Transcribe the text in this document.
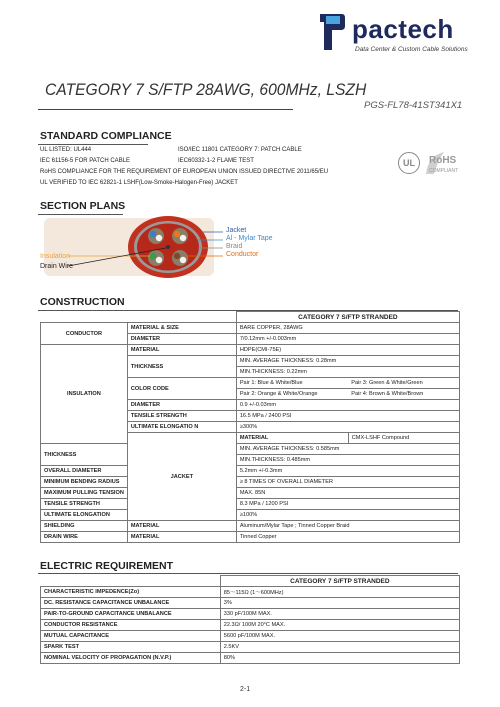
pactech
Data Center & Custom Cable Solutions
CATEGORY 7 S/FTP 28AWG, 600MHz, LSZH
PGS-FL78-41ST341X1
STANDARD COMPLIANCE
UL LISTED: UL444	ISO/IEC 11801 CATEGORY 7: PATCH CABLE
IEC 61156-5 FOR PATCH CABLE	IEC60332-1-2 FLAME TEST
RoHS COMPLIANCE FOR THE REQUIREMENT OF EUROPEAN UNION ISSUED DIRECTIVE 2011/65/EU
UL VERIFIED TO IEC 62821-1 LSHF(Low-Smoke-Halogen-Free) JACKET
UL	RoHS
COMPLIANT
SECTION PLANS
Jacket
Al - Mylar Tape
Braid
Conductor
Insulation
Drain Wire
CONSTRUCTION
		CATEGORY 7 S/FTP STRANDED	
CONDUCTOR	MATERIAL & SIZE	BARE COPPER, 28AWG	
	DIAMETER	7/0.12mm +/-0.003mm	
INSULATION	MATERIAL	HDPE(CMI-75E)	
	THICKNESS	MIN. AVERAGE THICKNESS: 0.28mm	
		MIN.THICKNESS: 0.22mm	
	COLOR CODE	Pair 1: Blue & White/Blue	Pair 3: Green & White/Green
		Pair 2: Orange & White/Orange	Pair 4: Brown & White/Brown
	DIAMETER	0.9 +/-0.03mm	
	TENSILE STRENGTH	16.5 MPa / 2400 PSI	
	ULTIMATE ELONGATIO N	≥300%	
	JACKET	MATERIAL	CMX-LSHF Compound
THICKNESS		MIN. AVERAGE THICKNESS: 0.585mm	
		MIN.THICKNESS: 0.485mm	
OVERALL DIAMETER		5.2mm +/-0.3mm	
MINIMUM BENDING RADIUS		≥ 8 TIMES OF OVERALL DIAMETER	
MAXIMUM PULLING TENSION		MAX. 85N	
TENSILE STRENGTH		8.3 MPa / 1200 PSI	
ULTIMATE ELONGATION		≥100%	
SHIELDING	MATERIAL	Aluminum/Mylar Tape ; Tinned Copper Braid	
DRAIN WIRE	MATERIAL	Tinned Copper	
ELECTRIC REQUIREMENT
	CATEGORY 7 S/FTP STRANDED
CHARACTERISTIC IMPEDENCE(Zo)	85～115Ω (1～600MHz)
DC. RESISTANCE CAPACITANCE UNBALANCE	3%
PAIR-TO-GROUND CAPACITANCE UNBALANCE	330 pF/100M MAX.
CONDUCTOR RESISTANCE	22.3Ω/ 100M 20°C MAX.
MUTUAL CAPACITANCE	5600 pF/100M MAX.
SPARK TEST	2.5KV
NOMINAL VELOCITY OF PROPAGATION (N.V.P.)	80%
2-1
